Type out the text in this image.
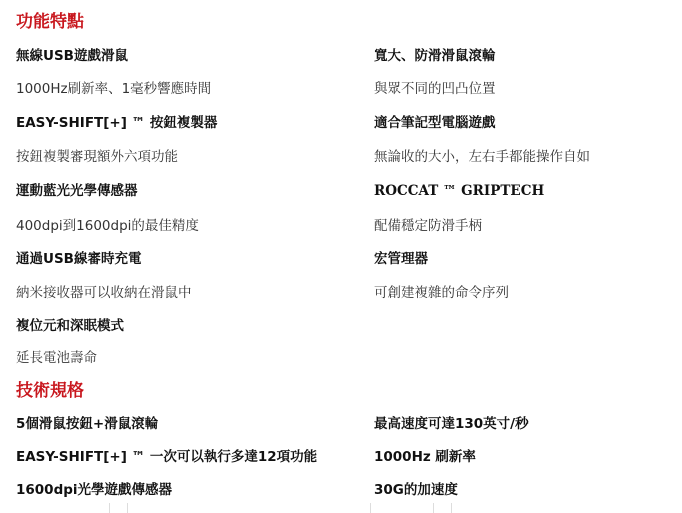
功能特點
無線USB遊戲滑鼠	寬大、防滑滑鼠滾輪
1000Hz刷新率、1毫秒響應時間	與眾不同的凹凸位置
EASY-SHIFT[+] ™ 按鈕複製器	適合筆記型電腦遊戲
按鈕複製審現額外六項功能	無論收的大小，左右手都能操作自如
運動藍光光學傳感器	ROCCAT ™ GRIPTECH
400dpi到1600dpi的最佳精度	配備穩定防滑手柄
通過USB線審時充電	宏管理器
納米接收器可以收納在滑鼠中	可創建複雜的命令序列
複位元和深眠模式
延長電池壽命
技術規格
5個滑鼠按鈕+滑鼠滾輪	最高速度可達130英寸/秒
EASY-SHIFT[+] ™ 一次可以執行多達12項功能	1000Hz 刷新率
1600dpi光學遊戲傳感器	30G的加速度
